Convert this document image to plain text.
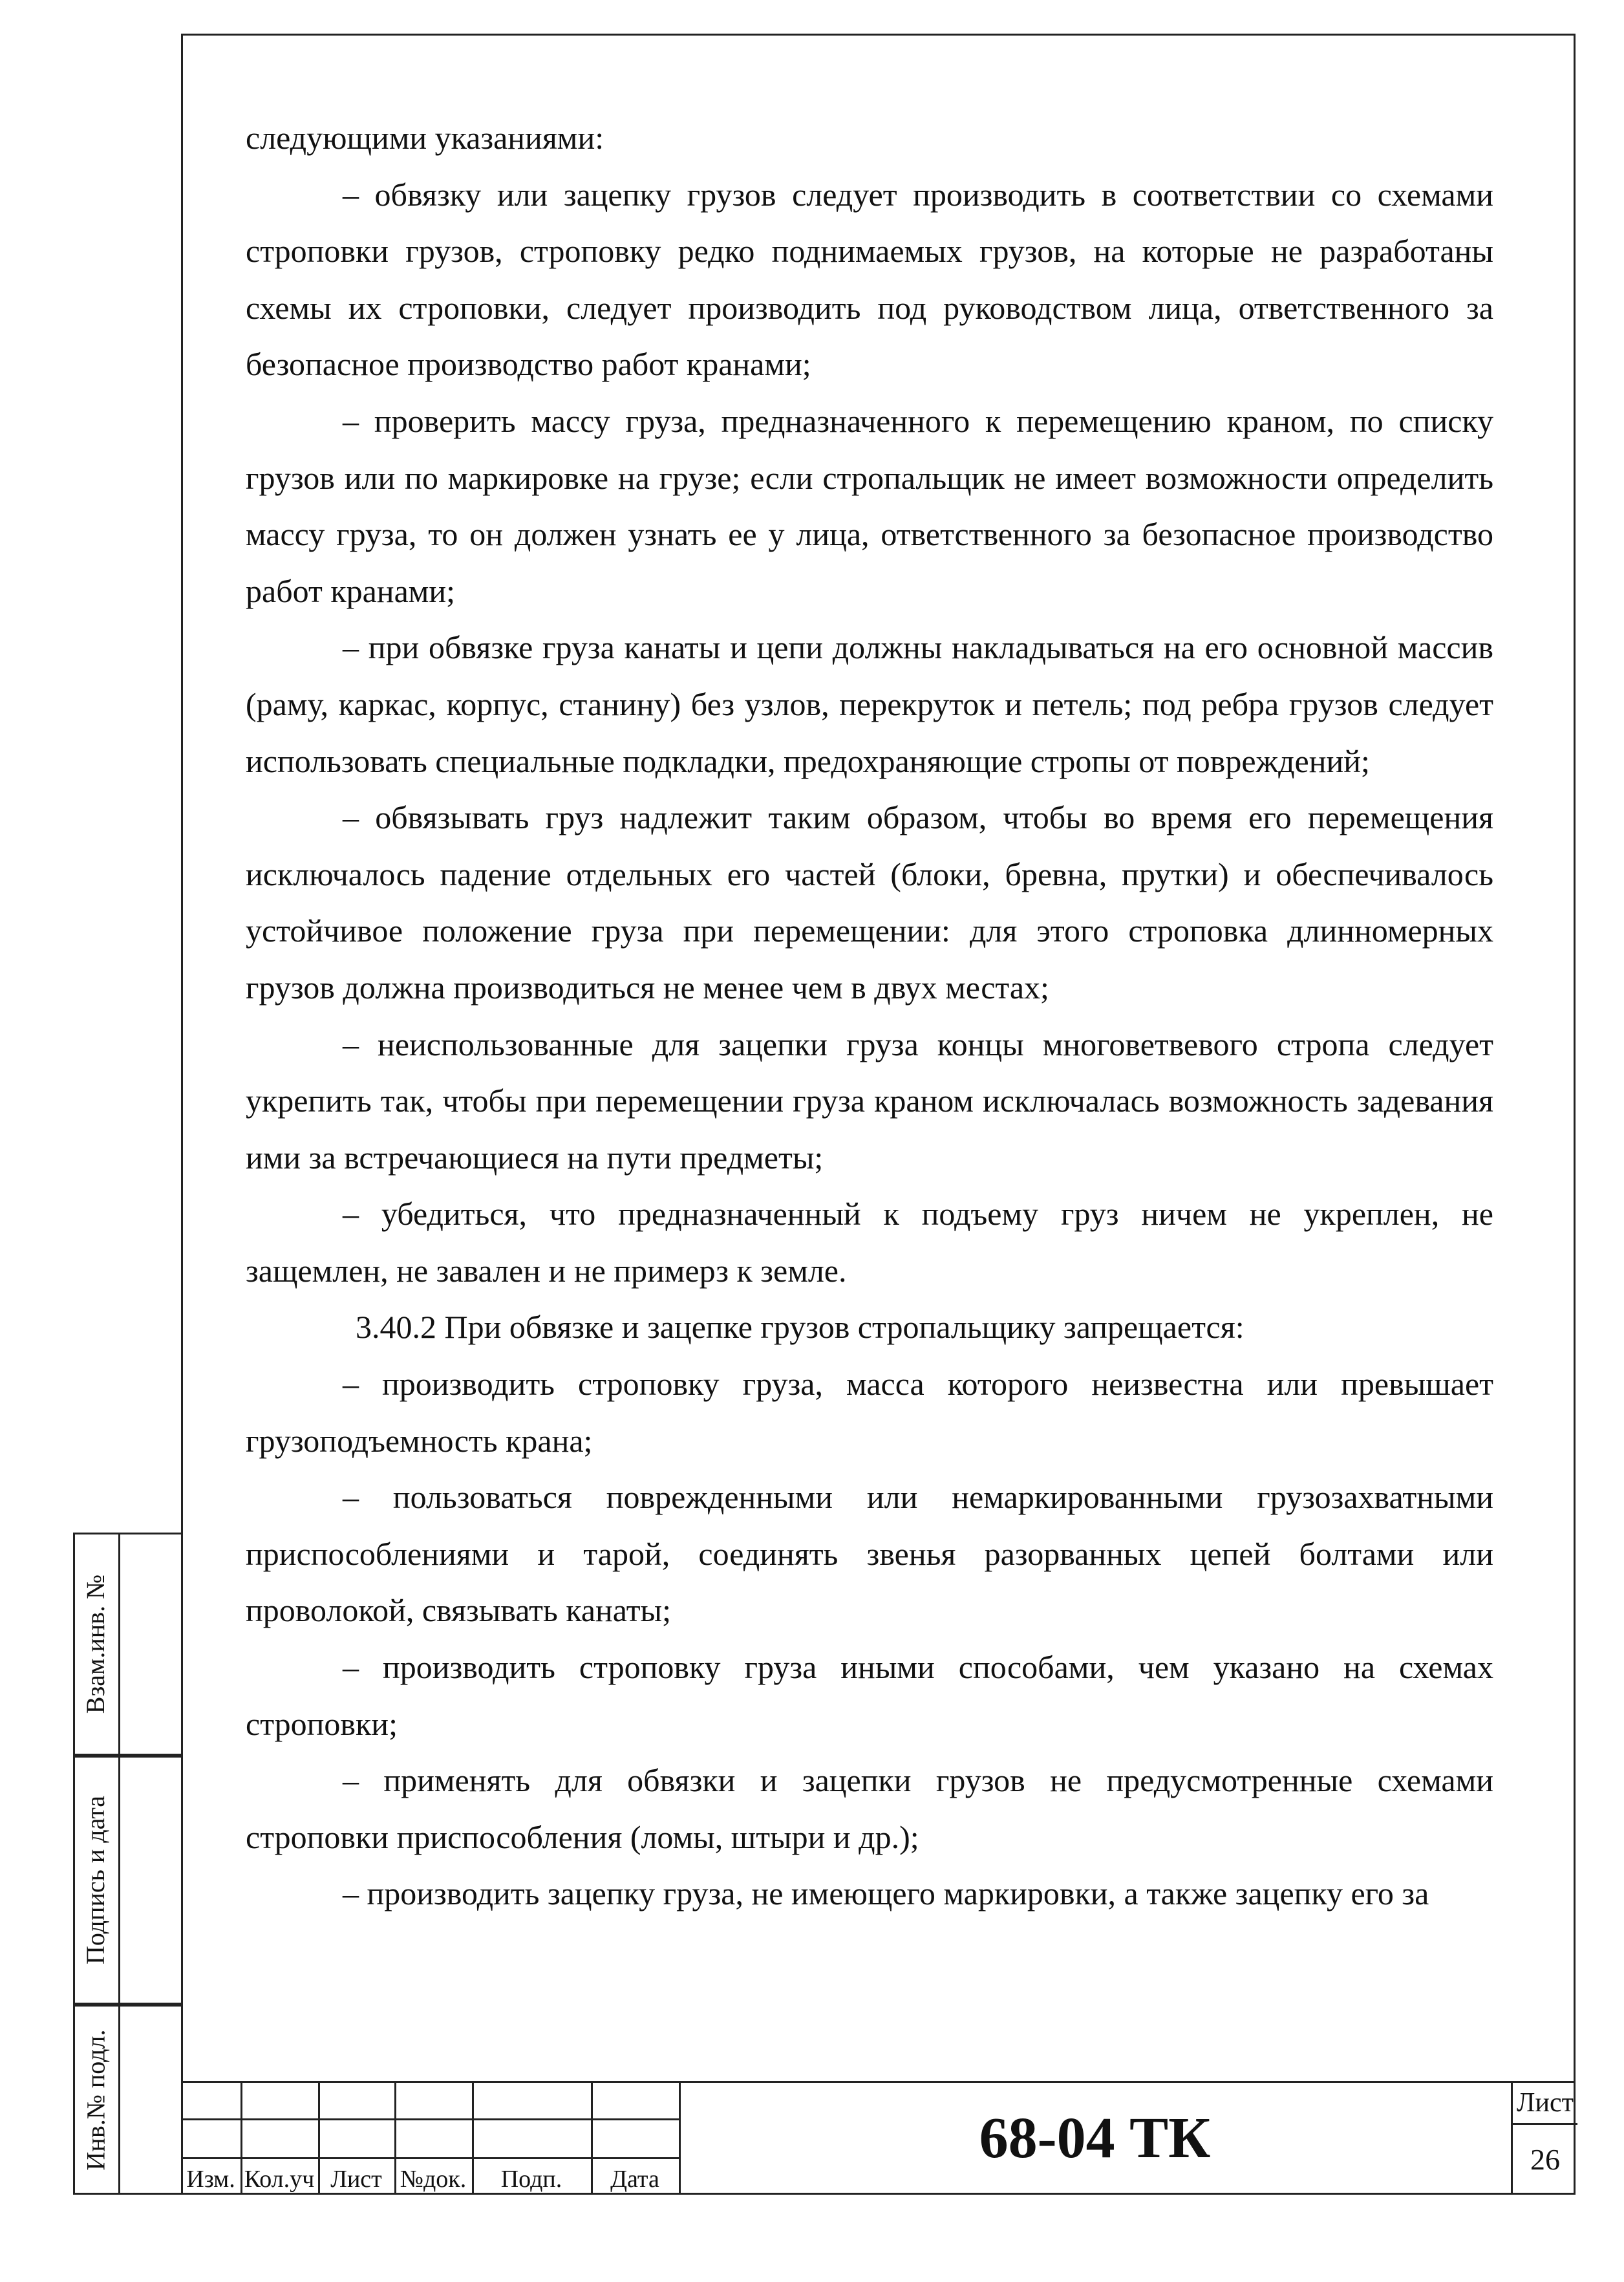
следующими указаниями:

– обвязку или зацепку грузов следует производить в соответствии со схемами строповки грузов, строповку редко поднимаемых грузов, на которые не разработаны схемы их строповки, следует производить под руководством лица, ответственного за безопасное производство работ кранами;

– проверить массу груза, предназначенного к перемещению краном, по списку грузов или по маркировке на грузе; если стропальщик не имеет возможности определить массу груза, то он должен узнать ее у лица, ответственного за безопасное производство работ кранами;

– при обвязке груза канаты и цепи должны накладываться на его основной массив (раму, каркас, корпус, станину) без узлов, перекруток и петель; под ребра грузов следует использовать специальные подкладки, предохраняющие стропы от повреждений;

– обвязывать груз надлежит таким образом, чтобы во время его перемещения исключалось падение отдельных его частей (блоки, бревна, прутки) и обеспечивалось устойчивое положение груза при перемещении: для этого строповка длинномерных грузов должна производиться не менее чем в двух местах;

– неиспользованные для зацепки груза концы многоветвевого стропа следует укрепить так, чтобы при перемещении груза краном исключалась возможность задевания ими за встречающиеся на пути предметы;

– убедиться, что предназначенный к подъему груз ничем не укреплен, не защемлен, не завален и не примерз к земле.

3.40.2 При обвязке и зацепке грузов стропальщику запрещается:

– производить строповку груза, масса которого неизвестна или превышает грузоподъемность крана;

– пользоваться поврежденными или немаркированными грузозахватными приспособлениями и тарой, соединять звенья разорванных цепей болтами или проволокой, связывать канаты;

– производить строповку груза иными способами, чем указано на схемах строповки;

– применять для обвязки и зацепки грузов не предусмотренные схемами строповки приспособления (ломы, штыри и др.);

– производить зацепку груза, не имеющего маркировки, а также зацепку его за

Взам.инв. №
Подпись и дата
Инв.№ подл.
Изм. Кол.уч Лист №док.	Подп.	Дата
68-04 ТК
Лист
26
